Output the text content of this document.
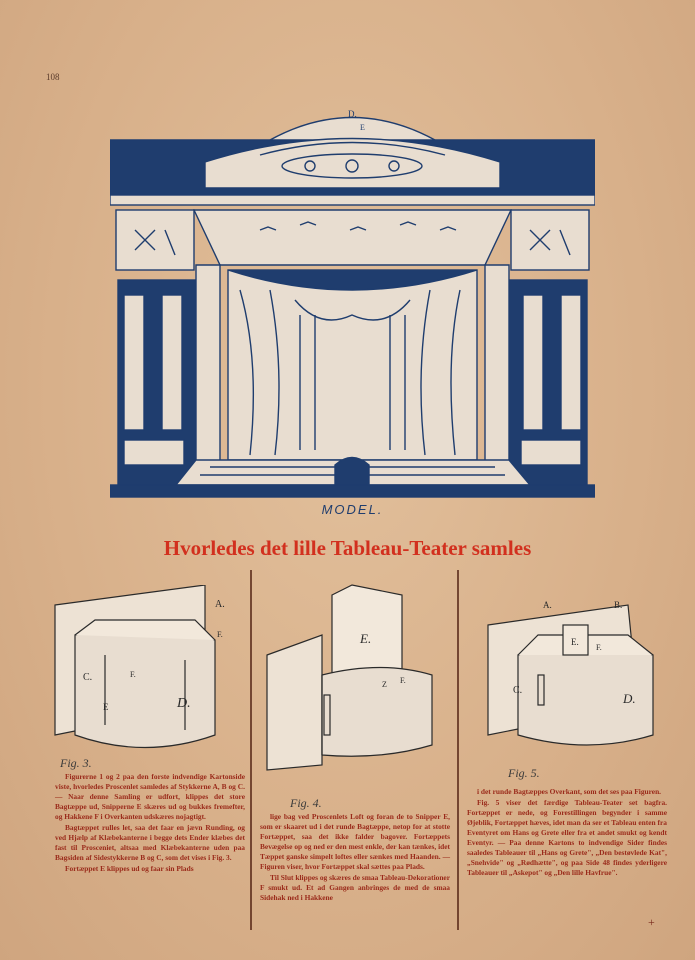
108
D.
E
MODEL.
Hvorledes det lille Tableau-Teater samles
A.
F.
C.	F.
E	D.
Fig. 3.
E.
F.
Z
Fig. 4.
A.	B.
E.
F.
C.
D.
Fig. 5.

Figurerne 1 og 2 paa den forste indvendige Kartonside viste, hvorledes Proscenlet samledes af Stykkerne A, B og C. — Naar denne Samling er udfort, klippes det store Bagtæppe ud, Snipperne E skæres ud og bukkes fremefter, og Hakkene F i Overkanten udskæres nojagtigt.

Bagtæppet rulles let, saa det faar en jævn Runding, og ved Hjælp af Klæbekanterne i begge dets Ender klæbes det fast til Prosceniet, altsaa med Klæbekanterne uden paa Bagsiden af Sidestykkerne B og C, som det vises i Fig. 3.

Fortæppet E klippes ud og faar sin Plads

lige bag ved Proscenlets Loft og foran de to Snipper E, som er skaaret ud i det runde Bagtæppe, netop for at stotte Fortæppet, saa det ikke falder bagover. Fortæppets Bevægelse op og ned er den mest enkle, der kan tænkes, idet Tæppet ganske simpelt loftes eller sænkes med Haanden. — Figuren viser, hvor Fortæppet skal sættes paa Plads.

Til Slut klippes og skæres de smaa Tableau-Dekorationer F smukt ud. Et ad Gangen anbringes de med de smaa Sidehak ned i Hakkene

i det runde Bagtæppes Overkant, som det ses paa Figuren.

Fig. 5 viser det færdige Tableau-Teater set bagfra. Fortæppet er nede, og Forestillingen begynder i samme Øjeblik, Fortæppet hæves, idet man da ser et Tableau enten fra Eventyret om Hans og Grete eller fra et andet smukt og kendt Eventyr. — Paa denne Kartons to indvendige Sider findes saaledes Tableauer til „Hans og Grete", „Den bestøvlede Kat", „Snehvide" og „Rødhætte", og paa Side 48 findes yderligere Tableauer til „Askepot" og „Den lille Havfrue".

+
